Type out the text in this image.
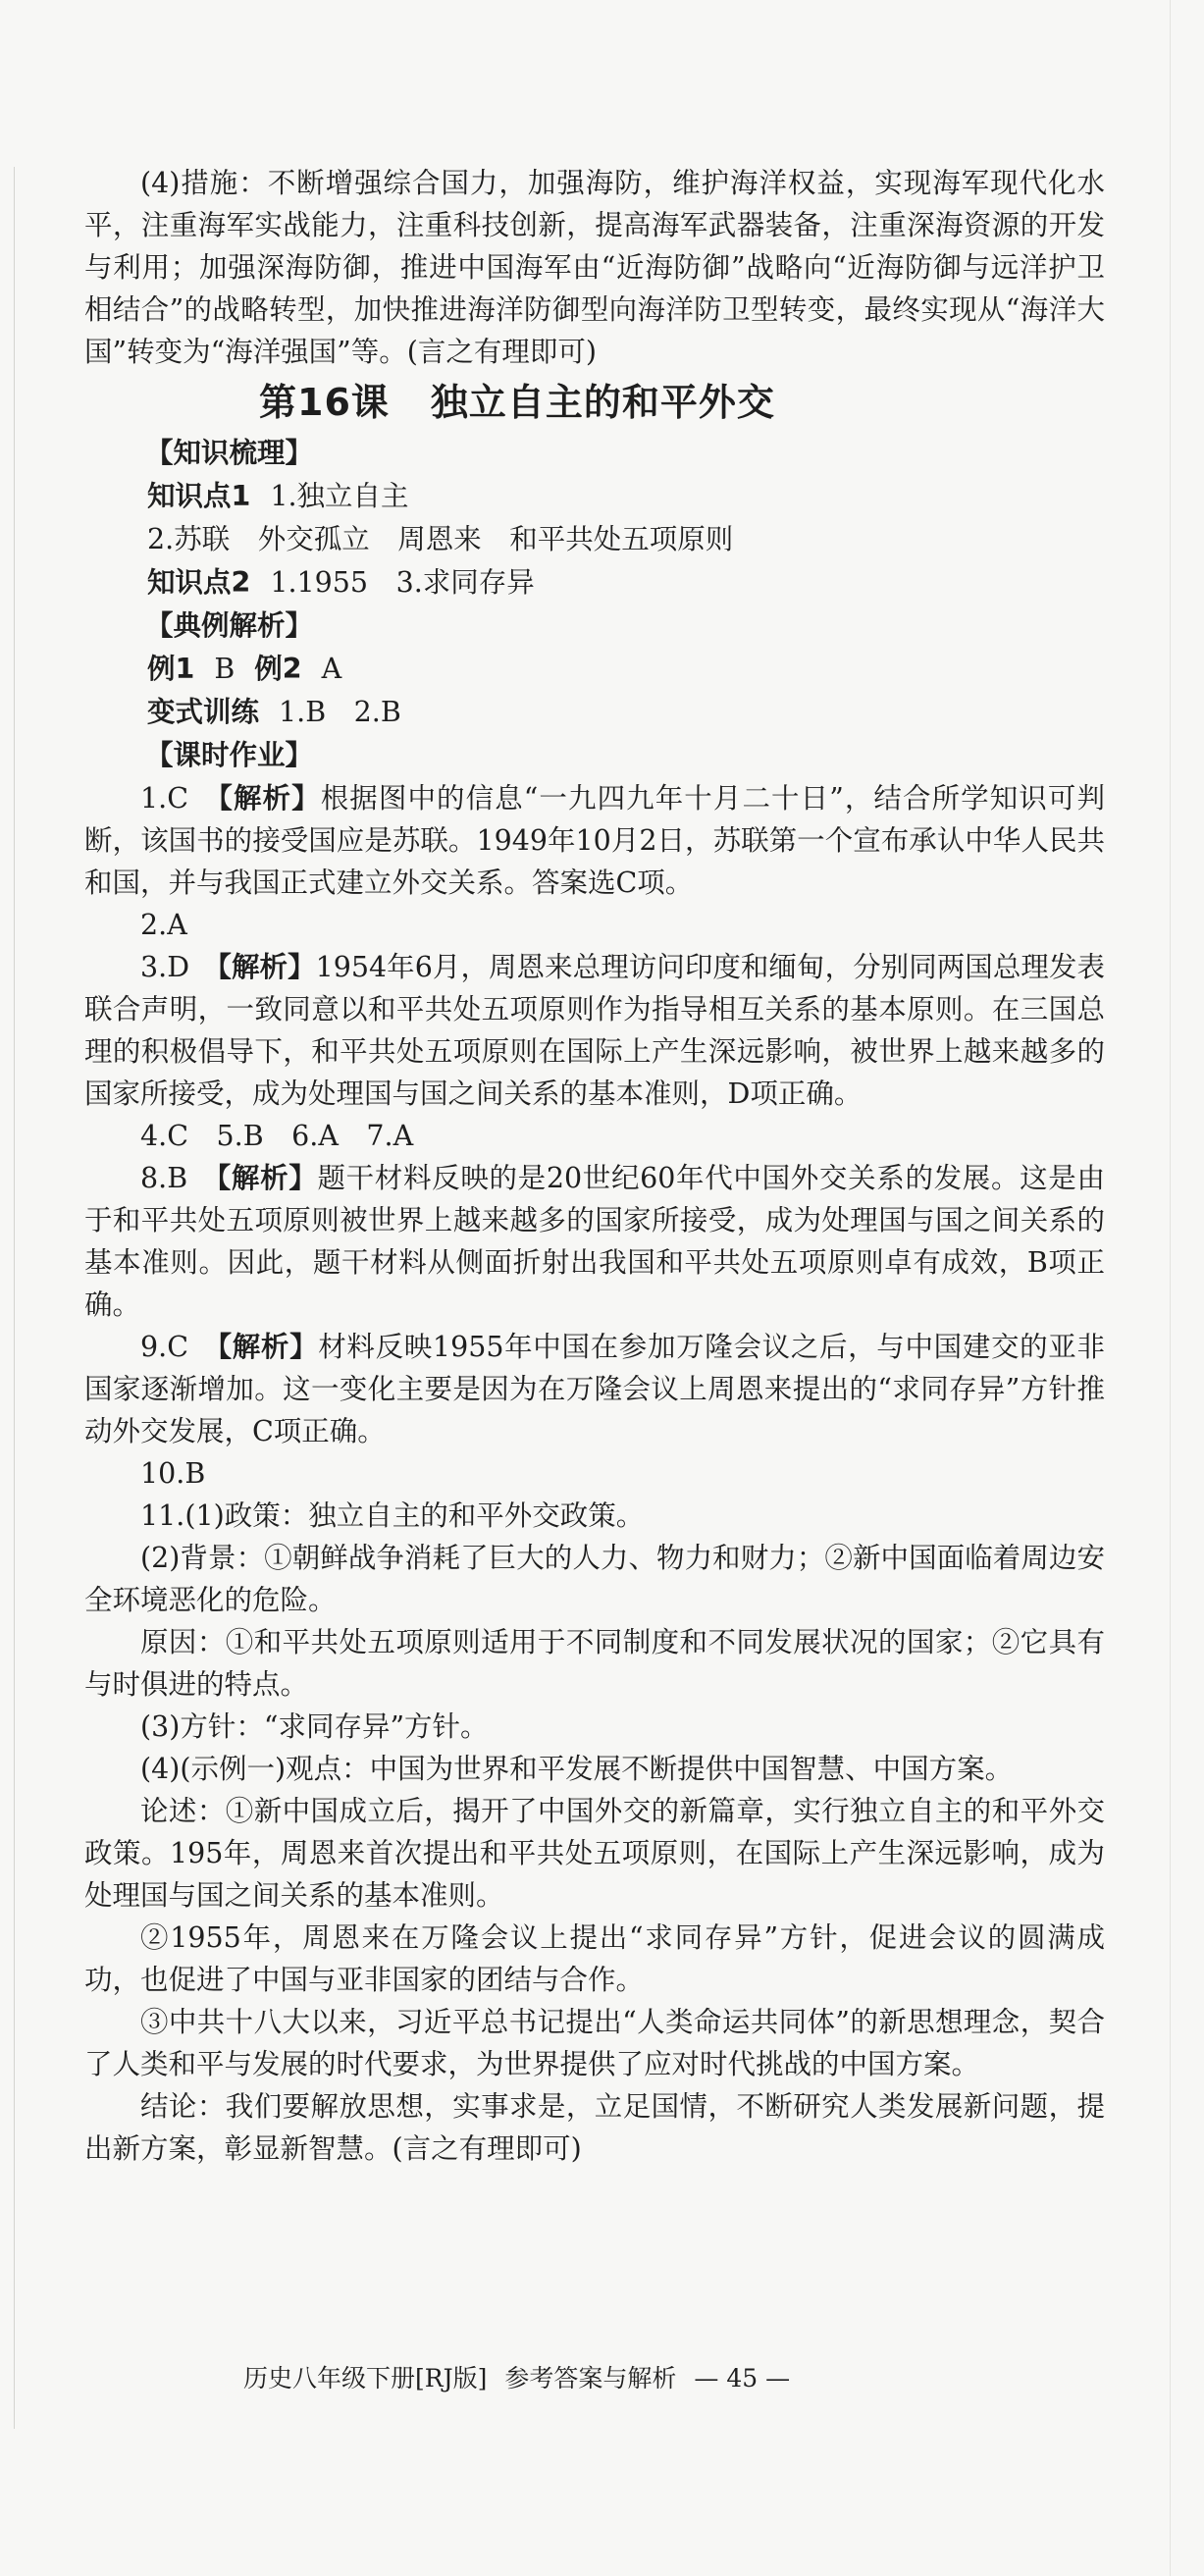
(4)措施：不断增强综合国力，加强海防，维护海洋权益，实现海军现代化水平，注重海军实战能力，注重科技创新，提高海军武器装备，注重深海资源的开发与利用；加强深海防御，推进中国海军由“近海防御”战略向“近海防御与远洋护卫相结合”的战略转型，加快推进海洋防御型向海洋防卫型转变，最终实现从“海洋大国”转变为“海洋强国”等。(言之有理即可)

第16课 独立自主的和平外交
【知识梳理】
知识点1 1.独立自主
2.苏联　外交孤立　周恩来　和平共处五项原则
知识点2 1.1955　3.求同存异
【典例解析】
例1 B 例2 A
变式训练 1.B　2.B
【课时作业】

1.C　 【解析】根据图中的信息“一九四九年十月二十日”，结合所学知识可判断，该国书的接受国应是苏联。1949年10月2日，苏联第一个宣布承认中华人民共和国，并与我国正式建立外交关系。答案选C项。

2.A

3.D　 【解析】1954年6月，周恩来总理访问印度和缅甸，分别同两国总理发表联合声明，一致同意以和平共处五项原则作为指导相互关系的基本原则。在三国总理的积极倡导下，和平共处五项原则在国际上产生深远影响，被世界上越来越多的国家所接受，成为处理国与国之间关系的基本准则，D项正确。

4.C　5.B　6.A　7.A

8.B　 【解析】题干材料反映的是20世纪60年代中国外交关系的发展。这是由于和平共处五项原则被世界上越来越多的国家所接受，成为处理国与国之间关系的基本准则。因此，题干材料从侧面折射出我国和平共处五项原则卓有成效，B项正确。

9.C　 【解析】材料反映1955年中国在参加万隆会议之后，与中国建交的亚非国家逐渐增加。这一变化主要是因为在万隆会议上周恩来提出的“求同存异”方针推动外交发展，C项正确。

10.B

11.(1)政策：独立自主的和平外交政策。

(2)背景：①朝鲜战争消耗了巨大的人力、物力和财力；②新中国面临着周边安全环境恶化的危险。

原因：①和平共处五项原则适用于不同制度和不同发展状况的国家；②它具有与时俱进的特点。

(3)方针：“求同存异”方针。

(4)(示例一)观点：中国为世界和平发展不断提供中国智慧、中国方案。

论述：①新中国成立后，揭开了中国外交的新篇章，实行独立自主的和平外交政策。195年，周恩来首次提出和平共处五项原则，在国际上产生深远影响，成为处理国与国之间关系的基本准则。

②1955年，周恩来在万隆会议上提出“求同存异”方针，促进会议的圆满成功，也促进了中国与亚非国家的团结与合作。

③中共十八大以来，习近平总书记提出“人类命运共同体”的新思想理念，契合了人类和平与发展的时代要求，为世界提供了应对时代挑战的中国方案。

结论：我们要解放思想，实事求是，立足国情，不断研究人类发展新问题，提出新方案，彰显新智慧。(言之有理即可)

历史八年级下册[RJ版] 参考答案与解析 — 45 —
